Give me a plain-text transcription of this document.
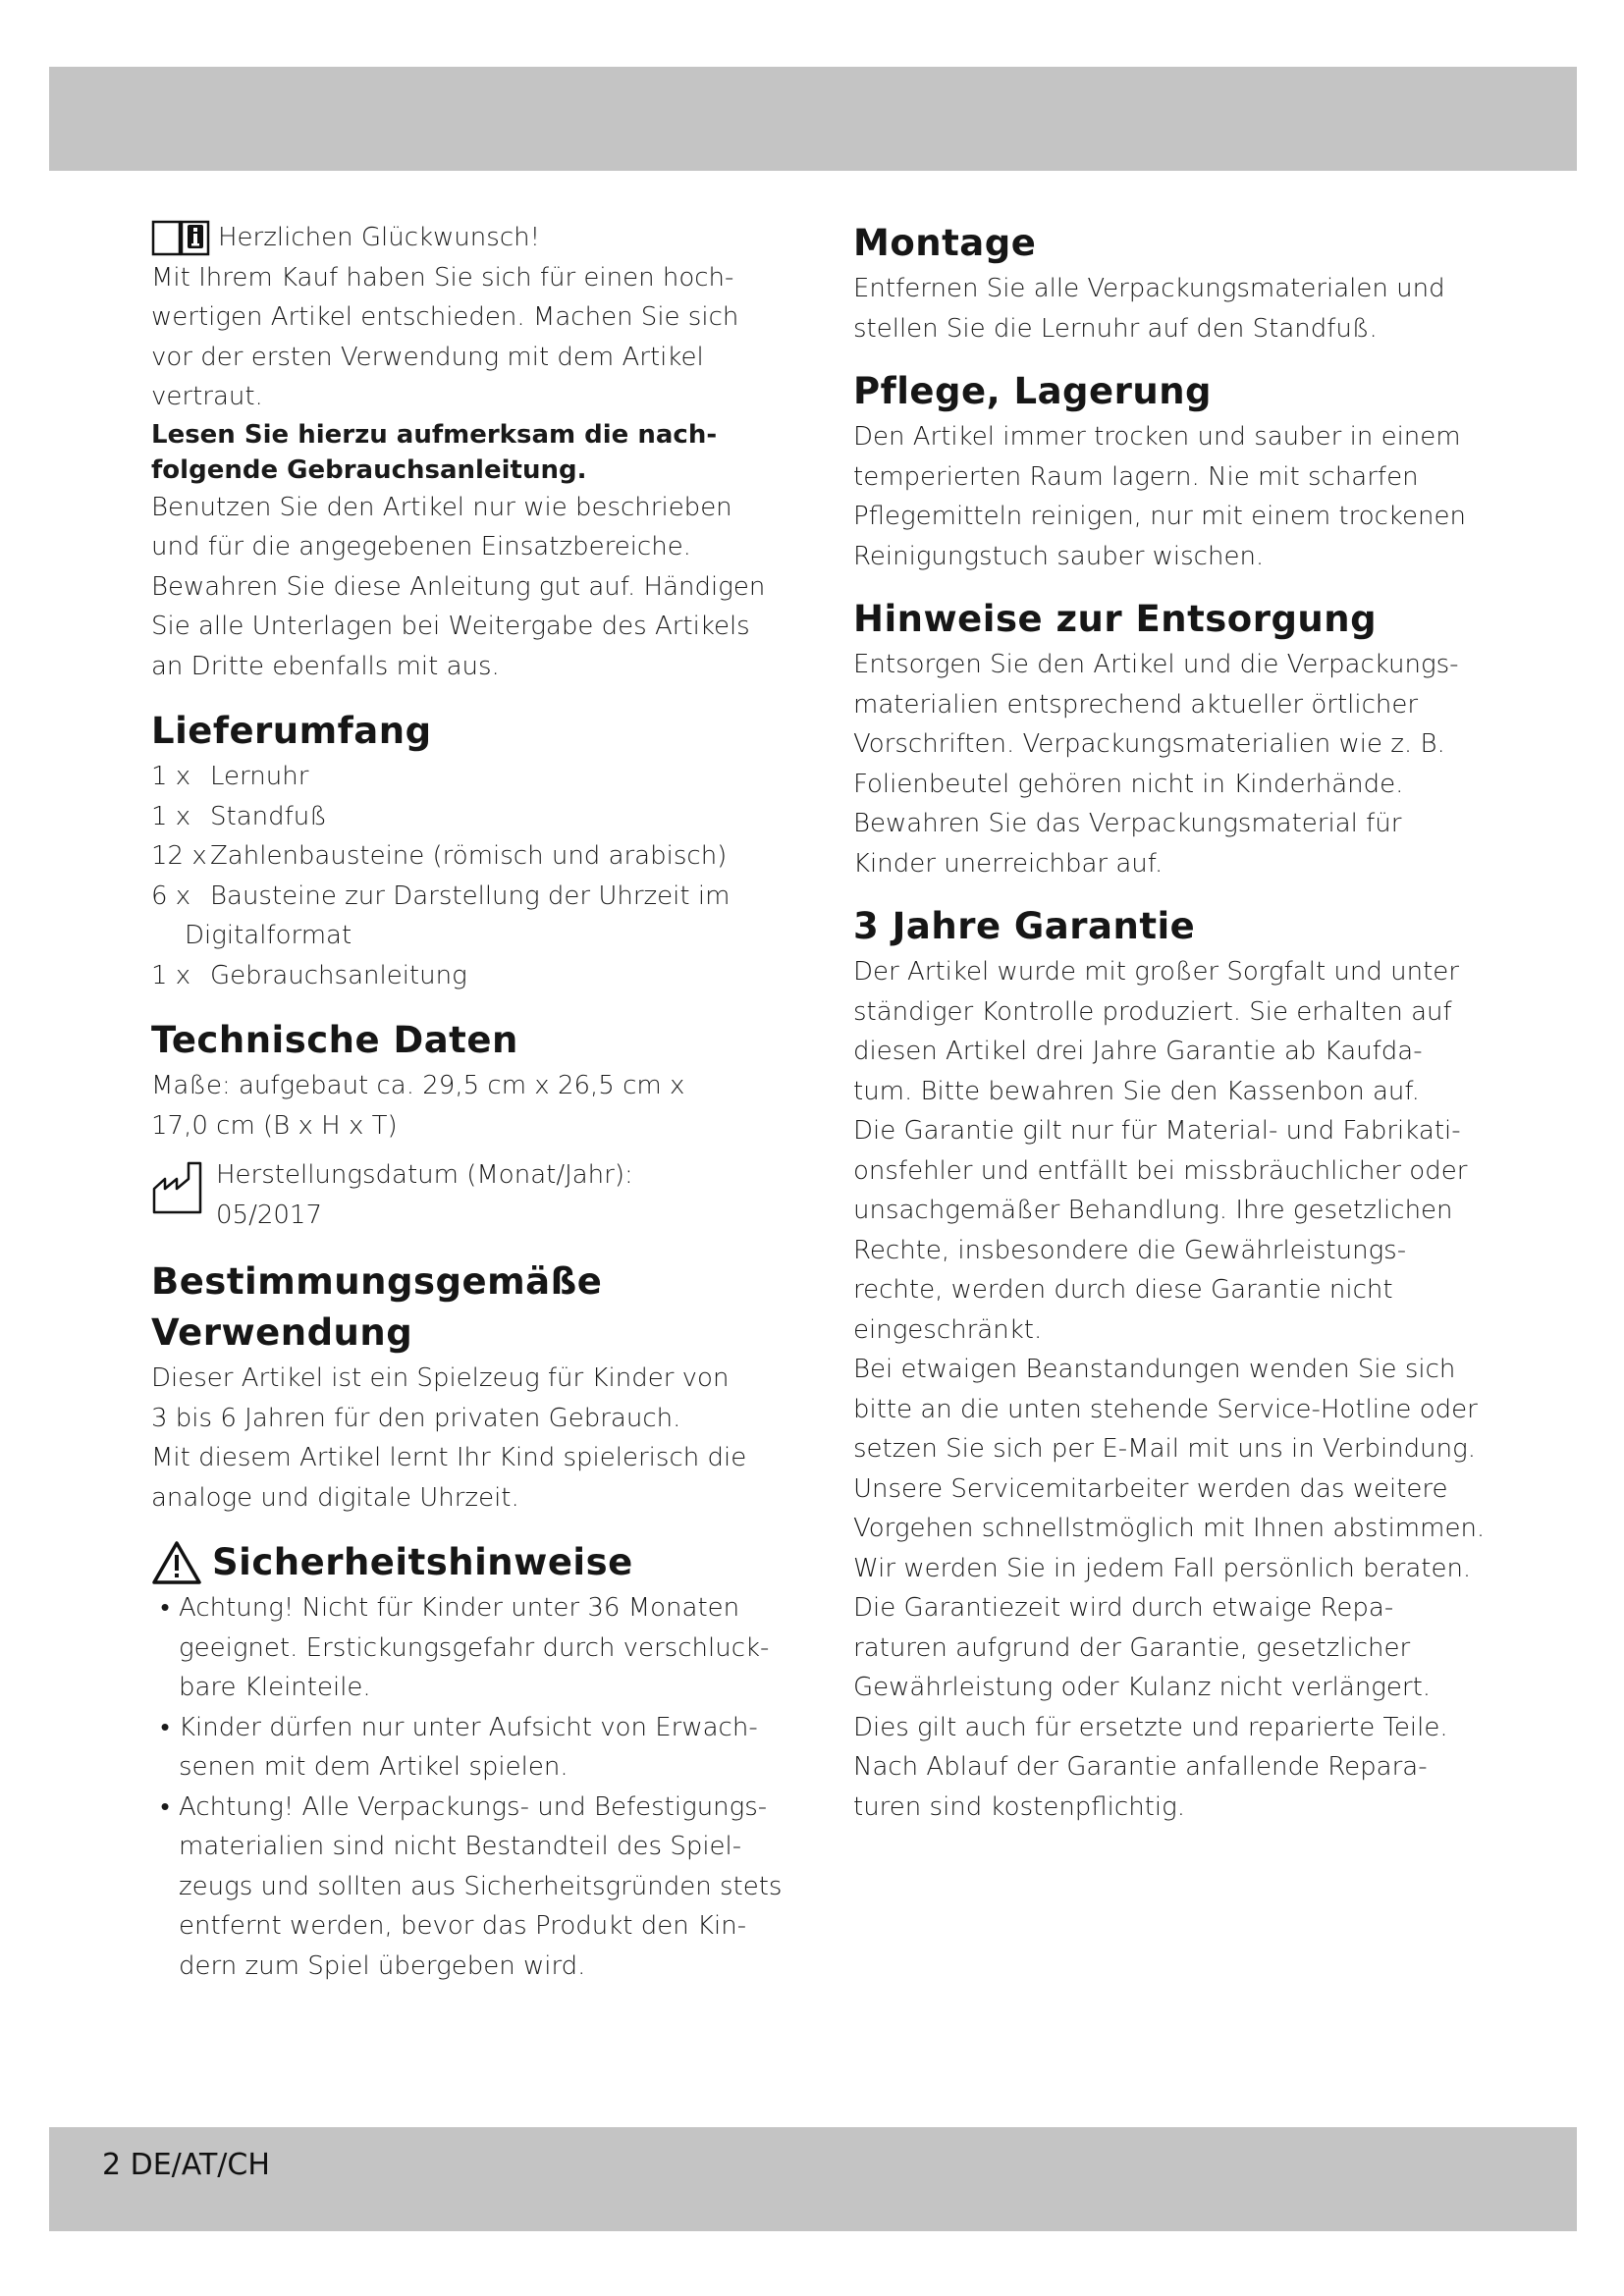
Herzlichen Glückwunsch!
Mit Ihrem Kauf haben Sie sich für einen hoch-
wertigen Artikel entschieden. Machen Sie sich
vor der ersten Verwendung mit dem Artikel
vertraut.
Lesen Sie hierzu aufmerksam die nach-
folgende Gebrauchsanleitung.
Benutzen Sie den Artikel nur wie beschrieben
und für die angegebenen Einsatzbereiche.
Bewahren Sie diese Anleitung gut auf. Händigen
Sie alle Unterlagen bei Weitergabe des Artikels
an Dritte ebenfalls mit aus.
Lieferumfang
1 x Lernuhr
1 x Standfuß
12 x Zahlenbausteine (römisch und arabisch)
6 x Bausteine zur Darstellung der Uhrzeit im
Digitalformat
1 x Gebrauchsanleitung
Technische Daten
Maße: aufgebaut ca. 29,5 cm x 26,5 cm x
17,0 cm (B x H x T)
Herstellungsdatum (Monat/Jahr):
05/2017
Bestimmungsgemäße
Verwendung
Dieser Artikel ist ein Spielzeug für Kinder von
3 bis 6 Jahren für den privaten Gebrauch.
Mit diesem Artikel lernt Ihr Kind spielerisch die
analoge und digitale Uhrzeit.
Sicherheitshinweise
• Achtung! Nicht für Kinder unter 36 Monaten
geeignet. Erstickungsgefahr durch verschluck-
bare Kleinteile.
• Kinder dürfen nur unter Aufsicht von Erwach-
senen mit dem Artikel spielen.
• Achtung! Alle Verpackungs- und Befestigungs-
materialien sind nicht Bestandteil des Spiel-
zeugs und sollten aus Sicherheitsgründen stets
entfernt werden, bevor das Produkt den Kin-
dern zum Spiel übergeben wird.
Montage
Entfernen Sie alle Verpackungsmaterialen und
stellen Sie die Lernuhr auf den Standfuß.
Pflege, Lagerung
Den Artikel immer trocken und sauber in einem
temperierten Raum lagern. Nie mit scharfen
Pflegemitteln reinigen, nur mit einem trockenen
Reinigungstuch sauber wischen.
Hinweise zur Entsorgung
Entsorgen Sie den Artikel und die Verpackungs-
materialien entsprechend aktueller örtlicher
Vorschriften. Verpackungsmaterialien wie z. B.
Folienbeutel gehören nicht in Kinderhände.
Bewahren Sie das Verpackungsmaterial für
Kinder unerreichbar auf.
3 Jahre Garantie
Der Artikel wurde mit großer Sorgfalt und unter
ständiger Kontrolle produziert. Sie erhalten auf
diesen Artikel drei Jahre Garantie ab Kaufda-
tum. Bitte bewahren Sie den Kassenbon auf.
Die Garantie gilt nur für Material- und Fabrikati-
onsfehler und entfällt bei missbräuchlicher oder
unsachgemäßer Behandlung. Ihre gesetzlichen
Rechte, insbesondere die Gewährleistungs-
rechte, werden durch diese Garantie nicht
eingeschränkt.
Bei etwaigen Beanstandungen wenden Sie sich
bitte an die unten stehende Service-Hotline oder
setzen Sie sich per E-Mail mit uns in Verbindung.
Unsere Servicemitarbeiter werden das weitere
Vorgehen schnellstmöglich mit Ihnen abstimmen.
Wir werden Sie in jedem Fall persönlich beraten.
Die Garantiezeit wird durch etwaige Repa-
raturen aufgrund der Garantie, gesetzlicher
Gewährleistung oder Kulanz nicht verlängert.
Dies gilt auch für ersetzte und reparierte Teile.
Nach Ablauf der Garantie anfallende Repara-
turen sind kostenpflichtig.
2 DE/AT/CH
